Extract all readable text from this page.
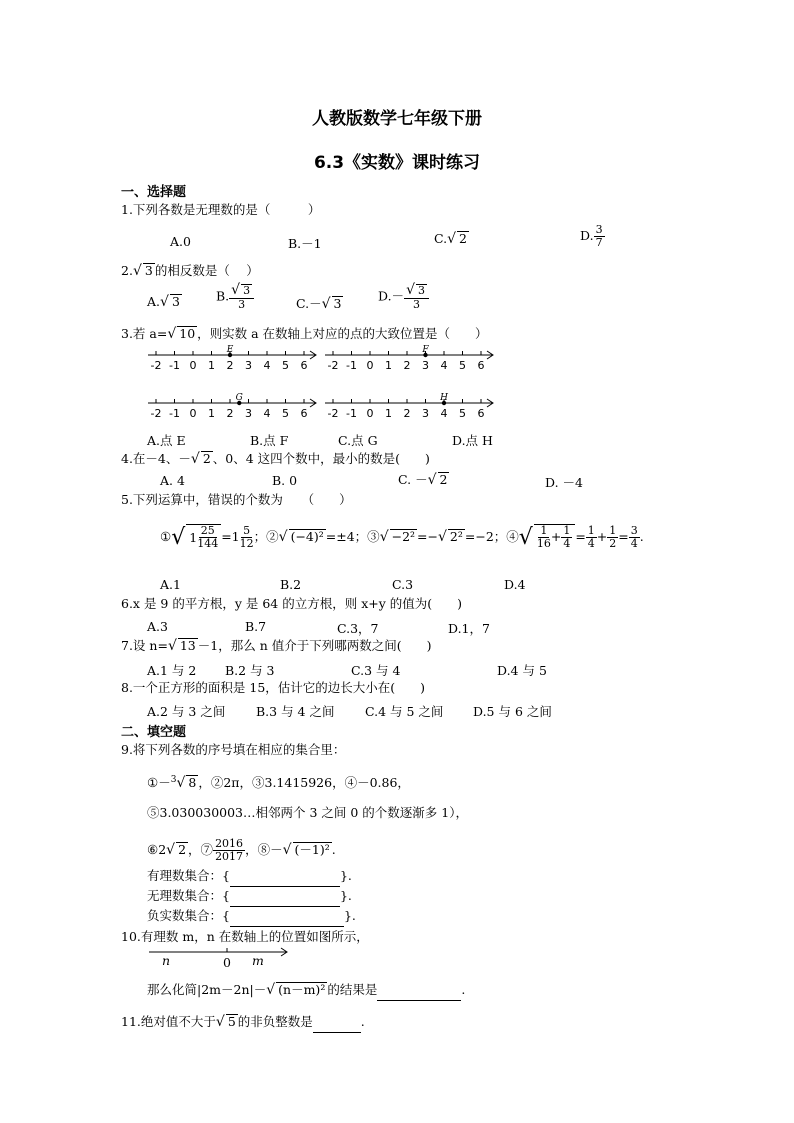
人教版数学七年级下册
6.3《实数》课时练习
一、选择题
1.下列各数是无理数的是（　　　）
A.0	B.－1	C.√ 2	D. $\frac{3}{7}$
2.√ 3 的相反数是（　 ）
A.√ 3	B. $\frac{√ 3}{3}$	C.－√ 3	$D.- \frac{√ 3}{3}$
3.若 a=√ 10 ，则实数 a 在数轴上对应的点的大致位置是（　　）
-2 -1 0 1 2 3 4 5 6
E
-2 -1 0 1 2 3 4 5 6
F
-2 -1 0 1 2 3 4 5 6
G
-2 -1 0 1 2 3 4 5 6
H
A.点 E	B.点 F	C.点 G	D.点 H
4.在－4、－√ 2 、0、4 这四个数中，最小的数是(　　)
A. 4	B. 0	C. －√ 2	D. －4
5.下列运算中，错误的个数为　　（　　）
①√ $1 \frac{25}{144} =1 \frac{5}{12}$ ；②√ (−4)² =±4；③√ −2² =−√ 2² =−2；④√ $\frac{1}{16} + \frac{1}{4} = \frac{1}{4} + \frac{1}{2} = \frac{3}{4}$ .
A.1	B.2	C.3	D.4
6.x 是 9 的平方根，y 是 64 的立方根，则 x+y 的值为(　　)
A.3	B.7	C.3，7	D.1，7
7.设 n=√ 13 －1，那么 n 值介于下列哪两数之间(　　)
A.1 与 2 B.2 与 3	C.3 与 4	D.4 与 5
8.一个正方形的面积是 15，估计它的边长大小在(　　)
A.2 与 3 之间 B.3 与 4 之间 C.4 与 5 之间 D.5 与 6 之间
二、填空题
9.将下列各数的序号填在相应的集合里：
①－$^3$√ 8 ，②2π，③3.1415926，④－0.86，
⑤3.030030003…相邻两个 3 之间 0 的个数逐渐多 1），
⑥2√ 2 ，⑦ $\frac{2016}{2017}$ ，⑧－√ (－1)² .
有理数集合：{	}.
无理数集合：{	}.
负实数集合：{	}.
10.有理数 m，n 在数轴上的位置如图所示，
n	0 m
那么化简|2m－2n|－√ (n－m)² 的结果是	.
11.绝对值不大于√ 5 的非负整数是	.
